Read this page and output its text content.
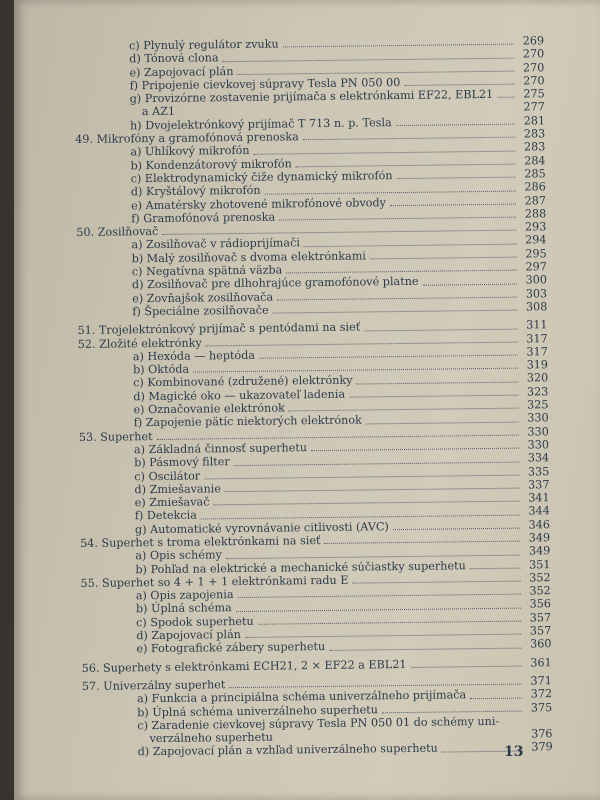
c) Plynulý regulátor zvuku	269
d) Tónová clona	270
e) Zapojovací plán	270
f) Pripojenie cievkovej súpravy Tesla PN 050 00	270
g) Provizórne zostavenie prijímača s elektrónkami EF22, EBL21	275
a AZ1	277
h) Dvojelektrónkový prijímač T 713 n. p. Tesla	281
49. Mikrofóny a gramofónová prenoska	283
a) Uhlíkový mikrofón	283
b) Kondenzátorový mikrofón	284
c) Elektrodynamický čiže dynamický mikrofón	285
d) Kryštálový mikrofón	286
e) Amatérsky zhotovené mikrofónové obvody	287
f) Gramofónová prenoska	288
50. Zosilňovač	293
a) Zosilňovač v rádioprijímači	294
b) Malý zosilňovač s dvoma elektrónkami	295
c) Negatívna spätná väzba	297
d) Zosilňovač pre dlhohrajúce gramofónové platne	300
e) Zovňajšok zosilňovača	303
f) Špeciálne zosilňovače	308
51. Trojelektrónkový prijímač s pentódami na sieť	311
52. Zložité elektrónky	317
a) Hexóda — heptóda	317
b) Októda	319
c) Kombinované (združené) elektrónky	320
d) Magické oko — ukazovateľ ladenia	323
e) Označovanie elektrónok	325
f) Zapojenie pätíc niektorých elektrónok	330
53. Superhet	330
a) Základná činnosť superhetu	330
b) Pásmový filter	334
c) Oscilátor	335
d) Zmiešavanie	337
e) Zmiešavač	341
f) Detekcia	344
g) Automatické vyrovnávanie citlivosti (AVC)	346
54. Superhet s troma elektrónkami na sieť	349
a) Opis schémy	349
b) Pohľad na elektrické a mechanické súčiastky superhetu	351
55. Superhet so 4 + 1 + 1 elektrónkami radu E	352
a) Opis zapojenia	352
b) Úplná schéma	356
c) Spodok superhetu	357
d) Zapojovací plán	357
e) Fotografické zábery superhetu	360
56. Superhety s elektrónkami ECH21, 2 × EF22 a EBL21	361
57. Univerzálny superhet	371
a) Funkcia a principiálna schéma univerzálneho prijímača	372
b) Úplná schéma univerzálneho superhetu	375
c) Zaradenie cievkovej súpravy Tesla PN 050 01 do schémy uni-
verzálneho superhetu	376
d) Zapojovací plán a vzhľad univerzálneho superhetu	379
13
